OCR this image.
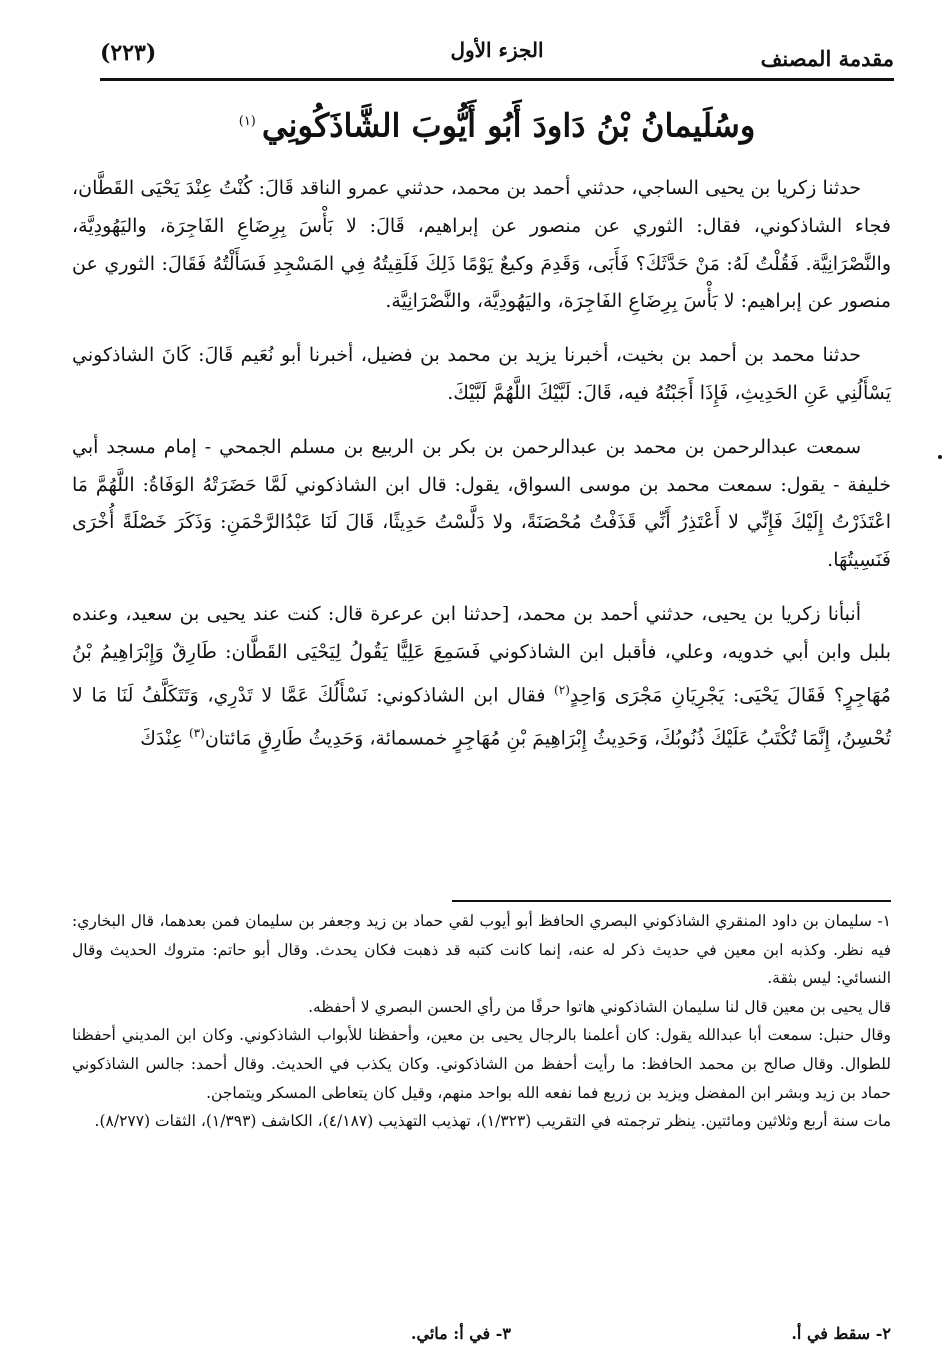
مقدمة المصنف
الجزء الأول
(٢٢٣)
وسُلَيمانُ بْنُ دَاودَ أَبُو أَيُّوبَ الشَّاذَكُونِي$^{(١)}$

حدثنا زكريا بن يحيى الساجي، حدثني أحمد بن محمد، حدثني عمرو الناقد قَالَ: كُنْتُ عِنْدَ يَحْيَى القَطَّان، فجاء الشاذكوني، فقال: الثوري عن منصور عن إبراهيم، قَالَ: لا بَأْسَ بِرِضَاعِ الفَاجِرَة، واليَهُودِيَّة، والنَّصْرَانِيَّة. فَقُلْتُ لَهُ: مَنْ حَدَّثَكَ؟ فَأَبَى، وَقَدِمَ وكيعٌ يَوْمًا ذَلِكَ فَلَقِيتُهُ فِي المَسْجِدِ فَسَأَلْتُهُ فَقَالَ: الثوري عن منصور عن إبراهيم: لا بَأْسَ بِرِضَاعِ الفَاجِرَة، واليَهُودِيَّة، والنَّصْرَانِيَّة.

حدثنا محمد بن أحمد بن بخيت، أخبرنا يزيد بن محمد بن فضيل، أخبرنا أبو نُعَيم قَالَ: كَانَ الشاذكوني يَسْأَلُنِي عَنِ الحَدِيثِ، فَإِذَا أَجَبْتُهُ فيه، قَالَ: لَبَّيْكَ اللَّهُمَّ لَبَّيْكَ.

سمعت عبدالرحمن بن محمد بن عبدالرحمن بن بكر بن الربيع بن مسلم الجمحي - إمام مسجد أبي خليفة - يقول: سمعت محمد بن موسى السواق، يقول: قال ابن الشاذكوني لَمَّا حَضَرَتْهُ الوَفَاةُ: اللَّهُمَّ مَا اعْتَذَرْتُ إِلَيْكَ فَإِنِّي لا أَعْتَذِرُ أَنِّي قَذَفْتُ مُحْصَنَةً، ولا دَلَّسْتُ حَدِيثًا، قَالَ لَنَا عَبْدُالرَّحْمَنِ: وَذَكَرَ خَصْلَةً أُخْرَى فَنَسِيتُهَا.

أنبأنا زكريا بن يحيى، حدثني أحمد بن محمد، [حدثنا ابن عرعرة قال: كنت عند يحيى بن سعيد، وعنده بلبل وابن أبي خدويه، وعلي، فأقبل ابن الشاذكوني فَسَمِعَ عَلِيًّا يَقُولُ لِيَحْيَى القَطَّان: طَارِقٌ وَإِبْرَاهِيمُ بْنُ مُهَاجِرٍ؟ فَقَالَ يَحْيَى: يَجْرِيَانِ مَجْرَى وَاحِدٍ$^{(٢)}$ فقال ابن الشاذكوني: نَسْأَلُكَ عَمَّا لا تَدْرِي، وَتَتَكَلَّفُ لَنَا مَا لا تُحْسِنُ، إِنَّمَا تُكْتَبُ عَلَيْكَ ذُنُوبُكَ، وَحَدِيثُ إِبْرَاهِيمَ بْنِ مُهَاجِرٍ خمسمائة، وَحَدِيثُ طَارِقٍ مَائتان$^{(٣)}$ عِنْدَكَ

١- سليمان بن داود المنقري الشاذكوني البصري الحافظ أبو أيوب لقي حماد بن زيد وجعفر بن سليمان فمن بعدهما، قال البخاري: فيه نظر. وكذبه ابن معين في حديث ذكر له عنه، إنما كانت كتبه قد ذهبت فكان يحدث. وقال أبو حاتم: متروك الحديث وقال النسائي: ليس بثقة.

قال يحيى بن معين قال لنا سليمان الشاذكوني هاتوا حرفًا من رأي الحسن البصري لا أحفظه.

وقال حنبل: سمعت أبا عبدالله يقول: كان أعلمنا بالرجال يحيى بن معين، وأحفظنا للأبواب الشاذكوني. وكان ابن المديني أحفظنا للطوال. وقال صالح بن محمد الحافظ: ما رأيت أحفظ من الشاذكوني. وكان يكذب في الحديث. وقال أحمد: جالس الشاذكوني حماد بن زيد وبشر ابن المفضل ويزيد بن زريع فما نفعه الله بواحد منهم، وقيل كان يتعاطى المسكر ويتماجن.

مات سنة أربع وثلاثين ومائتين. ينظر ترجمته في التقريب (١/٣٢٣)، تهذيب التهذيب (٤/١٨٧)، الكاشف (١/٣٩٣)، الثقات (٨/٢٧٧).

٢- سقط في أ.
٣- في أ: مائي.
